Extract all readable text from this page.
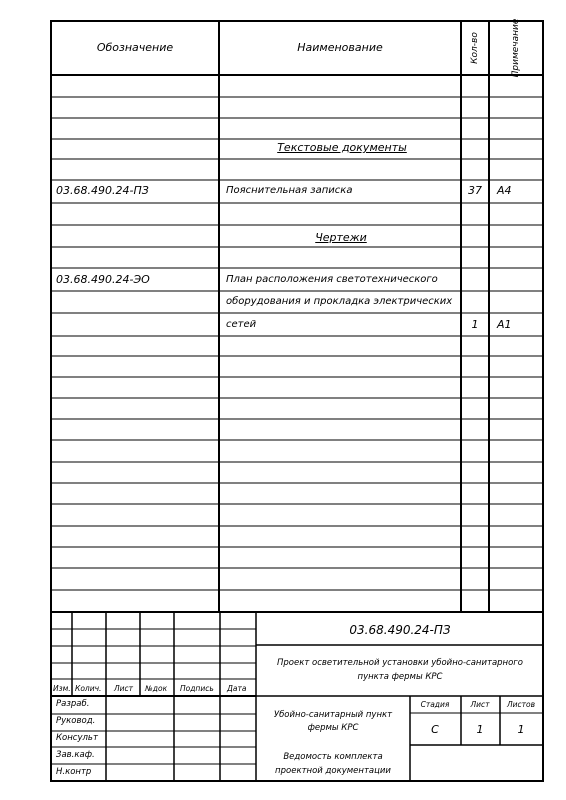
Обозначение	Наименование	Кол-во	Примечание
Текстовые документы
03.68.490.24-ПЗ	Пояснительная записка	37 А4
Чертежи
03.68.490.24-ЭО	План расположения светотехнического
оборудования и прокладка электрических
сетей	1 А1
03.68.490.24-ПЗ
Проект осветительной установки убойно-санитарного
пункта фермы КРС
Изм. Колич. Лист №док Подпись Дата
Разраб.
Руковод.
Консульт
Зав.каф.
Н.контр
Убойно-санитарный пункт
фермы КРС
Ведомость комплекта
проектной документации
Стадия	Лист Листов
С	1	1
